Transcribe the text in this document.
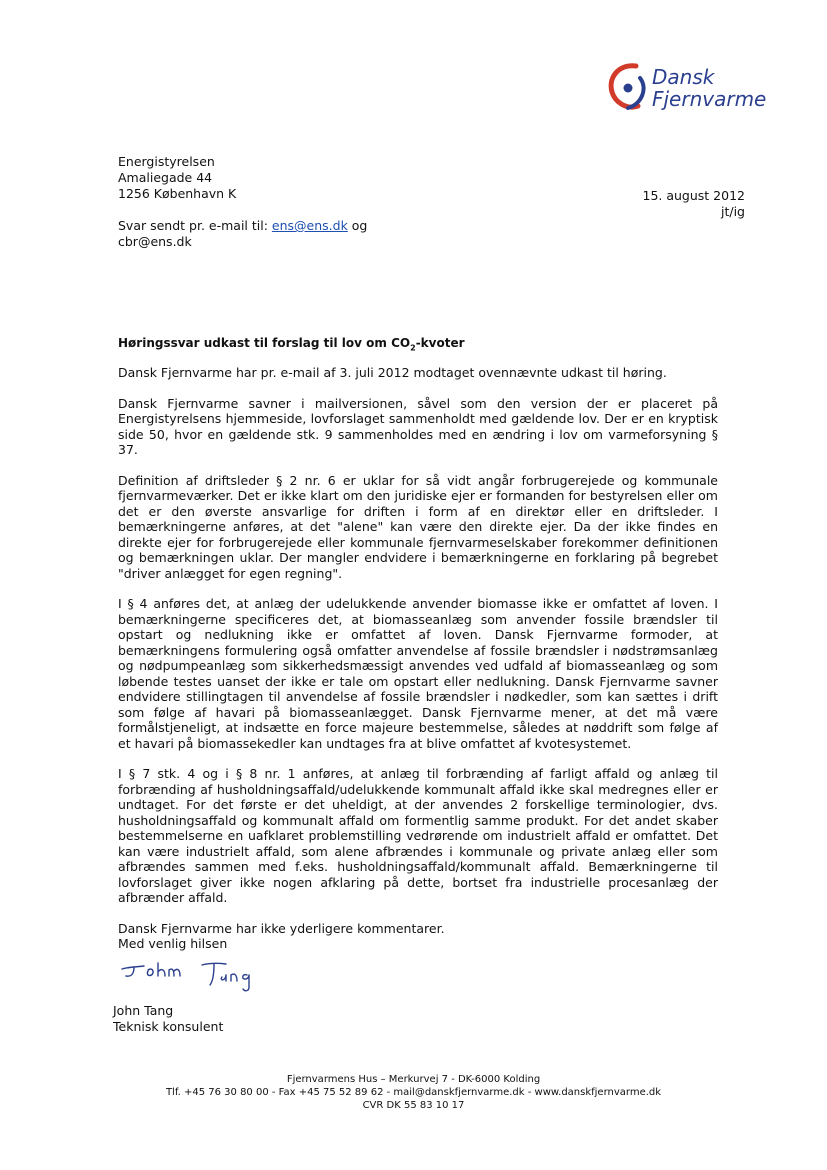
Dansk
Fjernvarme
Energistyrelsen
Amaliegade 44
1256 København K	15. august 2012
jt/ig
Svar sendt pr. e-mail til: ens@ens.dk og
cbr@ens.dk
Høringssvar udkast til forslag til lov om $CO_2$-kvoter

Dansk Fjernvarme har pr. e-mail af 3. juli 2012 modtaget ovennævnte udkast til høring.

Dansk Fjernvarme savner i mailversionen, såvel som den version der er placeret på Energistyrelsens hjemmeside, lovforslaget sammenholdt med gældende lov. Der er en kryptisk side 50, hvor en gældende stk. 9 sammenholdes med en ændring i lov om varmeforsyning § 37.

Definition af driftsleder § 2 nr. 6 er uklar for så vidt angår forbrugerejede og kommunale fjernvarmeværker. Det er ikke klart om den juridiske ejer er formanden for bestyrelsen eller om det er den øverste ansvarlige for driften i form af en direktør eller en driftsleder. I bemærkningerne anføres, at det "alene" kan være den direkte ejer. Da der ikke findes en direkte ejer for forbrugerejede eller kommunale fjernvarmeselskaber forekommer definitionen og bemærkningen uklar. Der mangler endvidere i bemærkningerne en forklaring på begrebet "driver anlægget for egen regning".

I § 4 anføres det, at anlæg der udelukkende anvender biomasse ikke er omfattet af loven. I bemærkningerne specificeres det, at biomasseanlæg som anvender fossile brændsler til opstart og nedlukning ikke er omfattet af loven. Dansk Fjernvarme formoder, at bemærkningens formulering også omfatter anvendelse af fossile brændsler i nødstrømsanlæg og nødpumpeanlæg som sikkerhedsmæssigt anvendes ved udfald af biomasseanlæg og som løbende testes uanset der ikke er tale om opstart eller nedlukning. Dansk Fjernvarme savner endvidere stillingtagen til anvendelse af fossile brændsler i nødkedler, som kan sættes i drift som følge af havari på biomasseanlægget. Dansk Fjernvarme mener, at det må være formålstjeneligt, at indsætte en force majeure bestemmelse, således at nøddrift som følge af et havari på biomassekedler kan undtages fra at blive omfattet af kvotesystemet.

I § 7 stk. 4 og i § 8 nr. 1 anføres, at anlæg til forbrænding af farligt affald og anlæg til forbrænding af husholdningsaffald/udelukkende kommunalt affald ikke skal medregnes eller er undtaget. For det første er det uheldigt, at der anvendes 2 forskellige terminologier, dvs. husholdningsaffald og kommunalt affald om formentlig samme produkt. For det andet skaber bestemmelserne en uafklaret problemstilling vedrørende om industrielt affald er omfattet. Det kan være industrielt affald, som alene afbrændes i kommunale og private anlæg eller som afbrændes sammen med f.eks. husholdningsaffald/kommunalt affald. Bemærkningerne til lovforslaget giver ikke nogen afklaring på dette, bortset fra industrielle procesanlæg der afbrænder affald.

Dansk Fjernvarme har ikke yderligere kommentarer.

Med venlig hilsen
John Tang
Teknisk konsulent
Fjernvarmens Hus – Merkurvej 7 - DK-6000 Kolding
Tlf. +45 76 30 80 00 - Fax +45 75 52 89 62 - mail@danskfjernvarme.dk - www.danskfjernvarme.dk
CVR DK 55 83 10 17
